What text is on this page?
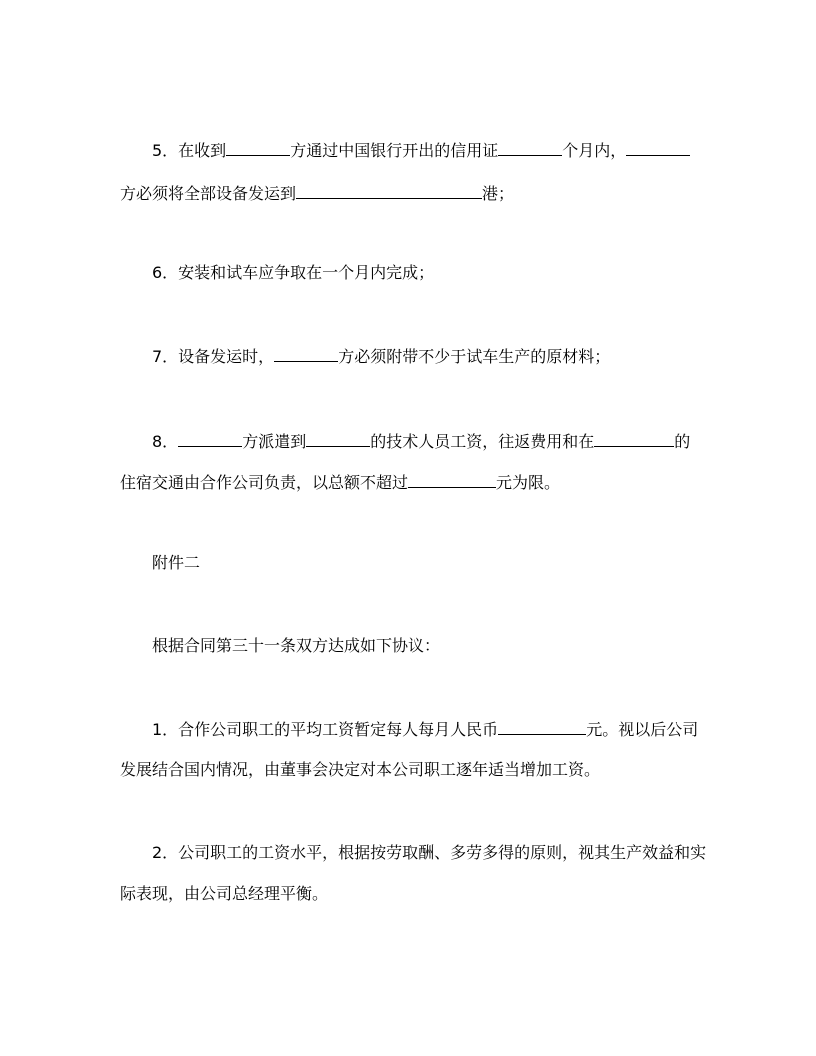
5．在收到	方通过中国银行开出的信用证	个月内，
方必须将全部设备发运到	港；
6．安装和试车应争取在一个月内完成；
7．设备发运时，	方必须附带不少于试车生产的原材料；
8．	方派遣到	的技术人员工资，往返费用和在	的
住宿交通由合作公司负责，以总额不超过	元为限。
附件二
根据合同第三十一条双方达成如下协议：
1．合作公司职工的平均工资暂定每人每月人民币	元。视以后公司
发展结合国内情况，由董事会决定对本公司职工逐年适当增加工资。
2．公司职工的工资水平，根据按劳取酬、多劳多得的原则，视其生产效益和实
际表现，由公司总经理平衡。
